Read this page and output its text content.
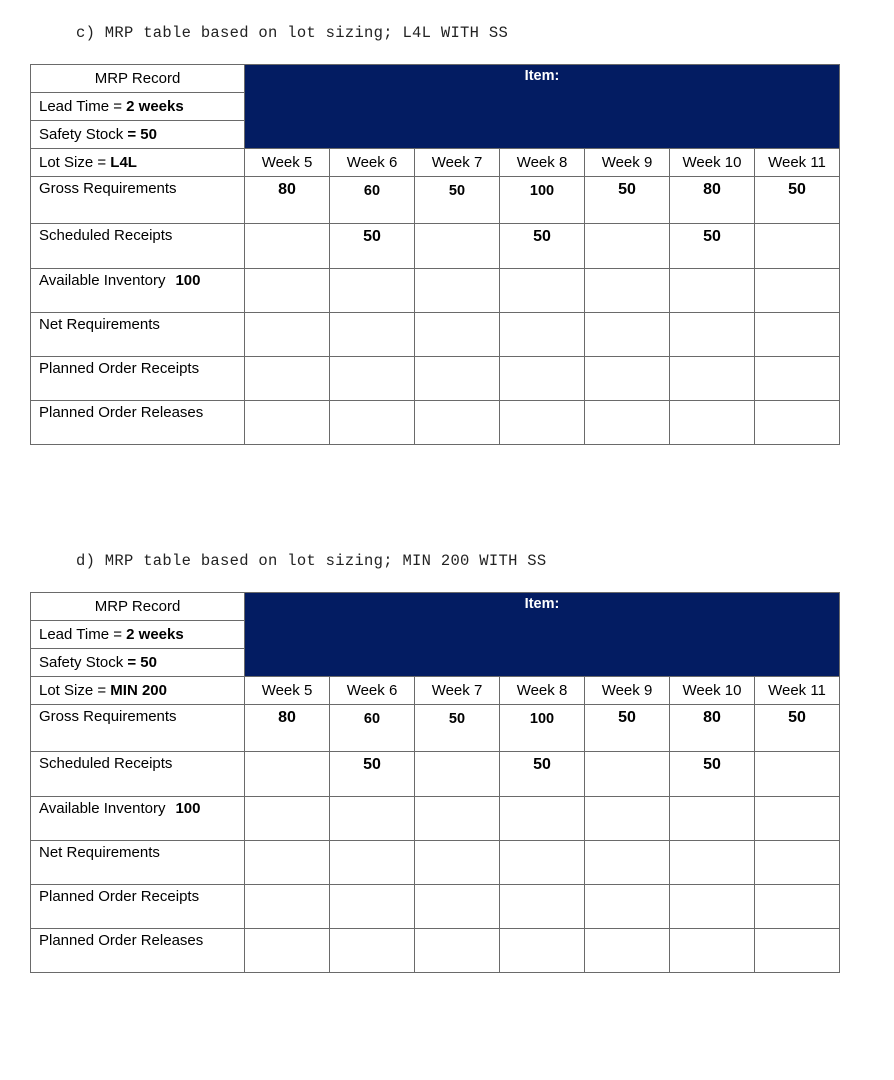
c) MRP table based on lot sizing; L4L WITH SS
MRP Record	Item:						
Lead Time = 2 weeks							
Safety Stock = 50							
Lot Size = L4L	Week 5	Week 6	Week 7	Week 8	Week 9	Week 10	Week 11
Gross Requirements	80	60	50	100	50	80	50
Scheduled Receipts		50		50		50	
Available Inventory 100							
Net Requirements							
Planned Order Receipts							
Planned Order Releases							
d) MRP table based on lot sizing; MIN 200 WITH SS
MRP Record	Item:						
Lead Time = 2 weeks							
Safety Stock = 50							
Lot Size = MIN 200	Week 5	Week 6	Week 7	Week 8	Week 9	Week 10	Week 11
Gross Requirements	80	60	50	100	50	80	50
Scheduled Receipts		50		50		50	
Available Inventory 100							
Net Requirements							
Planned Order Receipts							
Planned Order Releases							
